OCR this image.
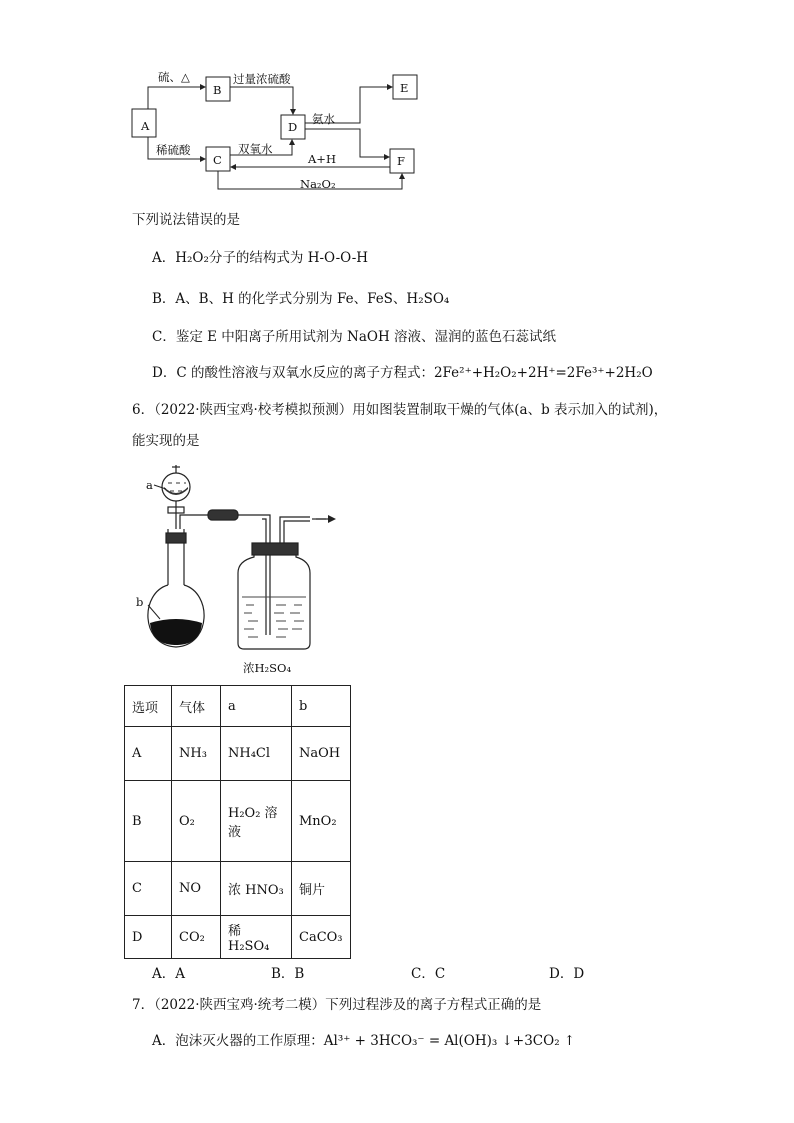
A
B
C
D
E
F
硫、△	过量浓硫酸
稀硫酸	双氧水
氨水
A+H
Na₂O₂
下列说法错误的是
A．H₂O₂分子的结构式为 H-O-O-H
B．A、B、H 的化学式分别为 Fe、FeS、H₂SO₄
C．鉴定 E 中阳离子所用试剂为 NaOH 溶液、湿润的蓝色石蕊试纸
D．C 的酸性溶液与双氧水反应的离子方程式：2Fe²⁺+H₂O₂+2H⁺=2Fe³⁺+2H₂O
6．（2022·陕西宝鸡·校考模拟预测）用如图装置制取干燥的气体(a、b 表示加入的试剂)，
能实现的是
a
b
浓H₂SO₄
选项	气体	a	b
A	NH₃	NH₄Cl	NaOH
B	O₂	H₂O₂ 溶液	MnO₂
C	NO	浓 HNO₃	铜片
D	CO₂	稀 H₂SO₄	CaCO₃
A．A	B．B	C．C	D．D
7．（2022·陕西宝鸡·统考二模）下列过程涉及的离子方程式正确的是
A．泡沫灭火器的工作原理：Al³⁺ + 3HCO₃⁻ = Al(OH)₃ ↓+3CO₂ ↑
